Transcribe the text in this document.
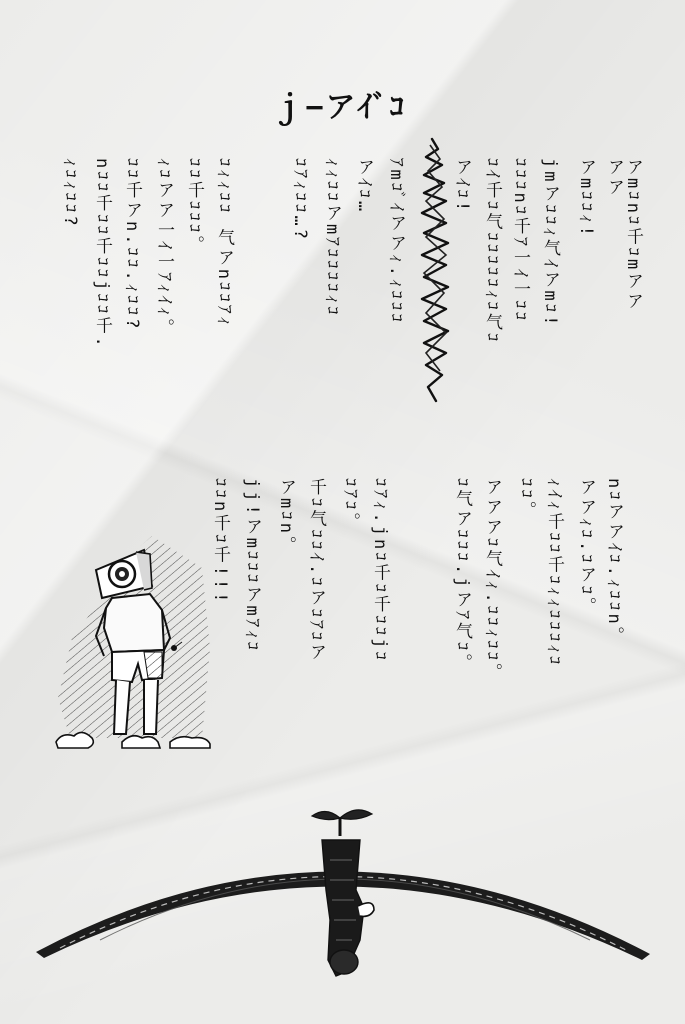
ｊ−アｲﾞｺ
アmｺnｺ千ｺmアア
アア
アmｺｺｨ!
jmアｺｺｨ气ｲアmｺ!
ｺｺｺnｺ千ｱ一ｲ一ｺｺ
ｺｲ千ｺ气ｺｺｺｺｺｨｺ气ｺ
アｲｺ!
ｱmｺﾞｲアアｨ.ｨｺｺｺ
アｲｺ…
ｨｨｺｺアmｱｺｺｺｺｨｺ
ｺｱｨｺｺ…?
ｺｨｨｺｺ 气アnｺｺｱｨ
ｺｺ千ｺｺｺ。
ｨｺアア一ｲ一ｱｨｲｨ。
ｺｺ千アn.ｺｺ.ｨｺｺ?
nｺｺ千ｺｺ千ｺｺjｺｺ千.
ｨｺｨｺｺ?
nｺアアｲｺ.ｨｺｺn。
アアｨｺ.ｺアｺ。
ｨｲｨ千ｺｺ千ｺｨｨｺｺｺｨｺ
ｺｺ。
アアアｺ气ｲｨ.ｺｺｨｺｺ。
ｺ气アｺｺｺ.jアｱ气ｺ。
ｺｱｨ.jnｺ千ｺ千ｺｺjｺ
ｺｱｺ。
千ｺ气ｺｺｲ.ｺアｺｱｺア
アmｺn。
jj!アmｺｺｺアmｱｨｺ
ｺｺn千ｺ千!!!
